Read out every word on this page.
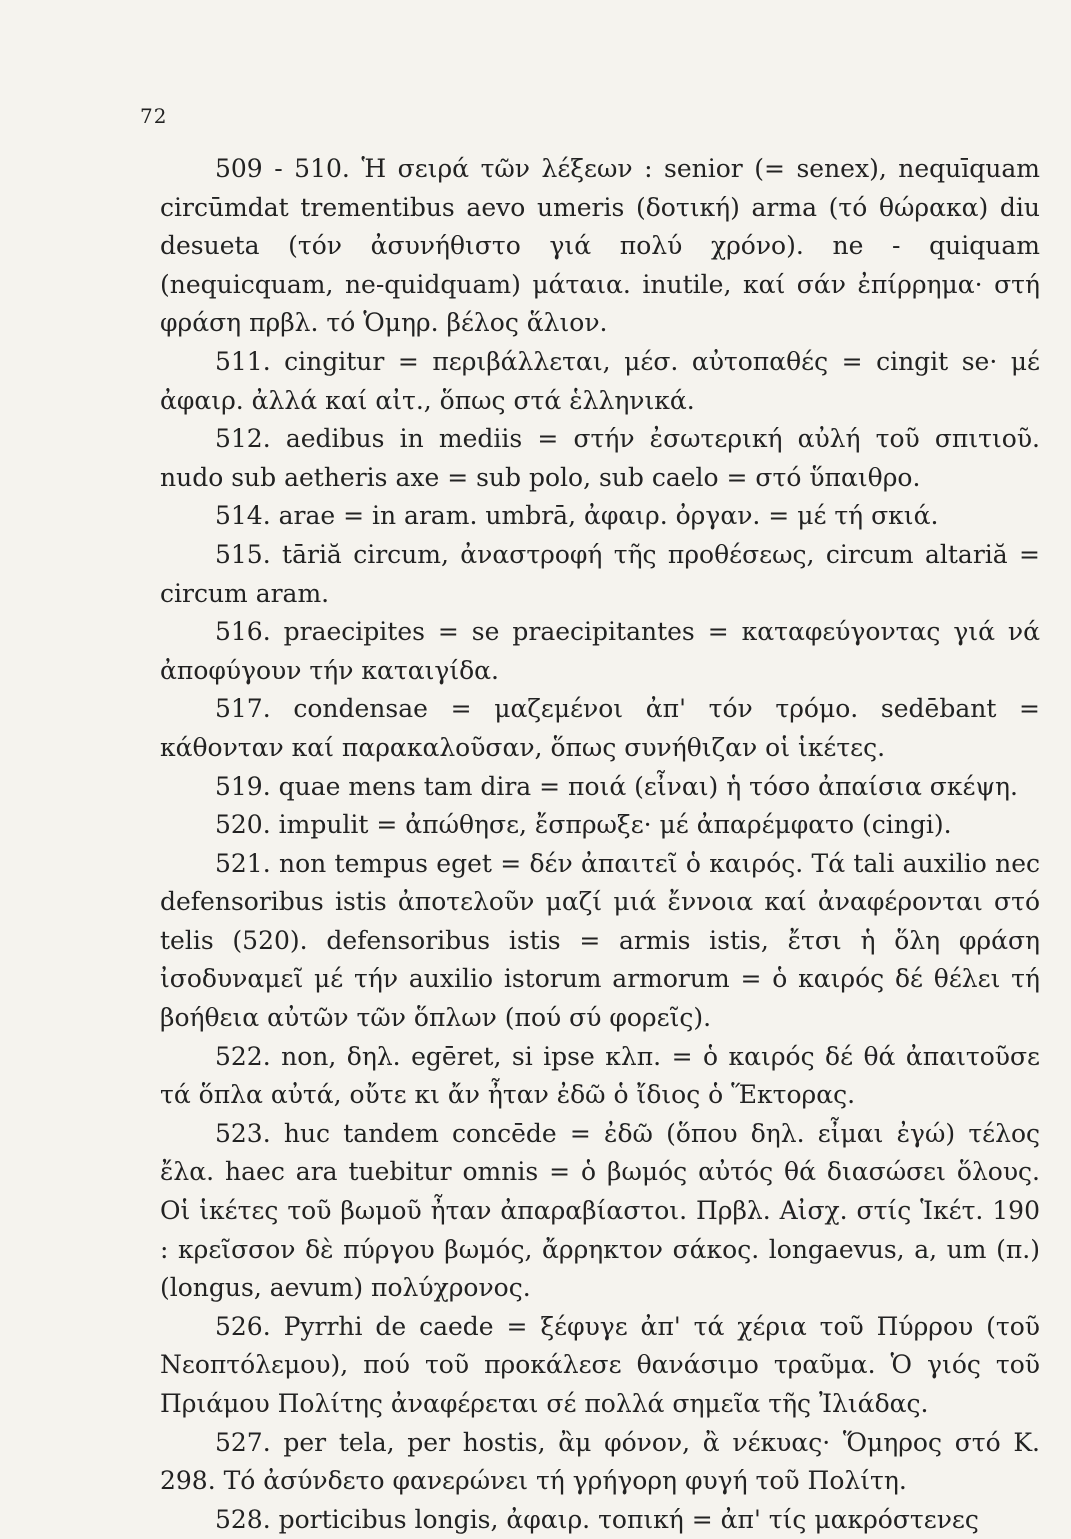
72

509 - 510. Ἡ σειρά τῶν λέξεων : senior (= senex), nequīquam circūmdat trementibus aevo umeris (δοτική) arma (τό θώρακα) diu desueta (τόν ἀσυνήθιστο γιά πολύ χρόνο). ne - quiquam (nequicquam, ne-quidquam) μάταια. inutile, καί σάν ἐπίρρημα· στή φράση πρβλ. τό Ὁμηρ. βέλος ἅλιον.

511. cingitur = περιβάλλεται, μέσ. αὐτοπαθές = cingit se· μέ ἀφαιρ. ἀλλά καί αἰτ., ὅπως στά ἑλληνικά.

512. aedibus in mediis = στήν ἐσωτερική αὐλή τοῦ σπιτιοῦ. nudo sub aetheris axe = sub polo, sub caelo = στό ὕπαιθρο.

514. arae = in aram. umbrā, ἀφαιρ. ὀργαν. = μέ τή σκιά.

515. tāriă circum, ἀναστροφή τῆς προθέσεως, circum altariă = circum aram.

516. praecipites = se praecipitantes = καταφεύγοντας γιά νά ἀποφύγουν τήν καταιγίδα.

517. condensae = μαζεμένοι ἀπ' τόν τρόμο. sedēbant = κάθονταν καί παρακαλοῦσαν, ὅπως συνήθιζαν οἱ ἱκέτες.

519. quae mens tam dira = ποιά (εἶναι) ἡ τόσο ἀπαίσια σκέψη.

520. impulit = ἀπώθησε, ἔσπρωξε· μέ ἀπαρέμφατο (cingi).

521. non tempus eget = δέν ἀπαιτεῖ ὁ καιρός. Τά tali auxilio nec defensoribus istis ἀποτελοῦν μαζί μιά ἔννοια καί ἀναφέρονται στό telis (520). defensoribus istis = armis istis, ἔτσι ἡ ὅλη φράση ἰσοδυναμεῖ μέ τήν auxilio istorum armorum = ὁ καιρός δέ θέλει τή βοήθεια αὐτῶν τῶν ὅπλων (πού σύ φορεῖς).

522. non, δηλ. egēret, si ipse κλπ. = ὁ καιρός δέ θά ἀπαιτοῦσε τά ὅπλα αὐτά, οὔτε κι ἄν ἦταν ἐδῶ ὁ ἴδιος ὁ Ἕκτορας.

523. huc tandem concēde = ἐδῶ (ὅπου δηλ. εἶμαι ἐγώ) τέλος ἔλα. haec ara tuebitur omnis = ὁ βωμός αὐτός θά διασώσει ὅλους. Οἱ ἱκέτες τοῦ βωμοῦ ἦταν ἀπαραβίαστοι. Πρβλ. Αἰσχ. στίς Ἱκέτ. 190 : κρεῖσσον δὲ πύργου βωμός, ἄρρηκτον σάκος. longaevus, a, um (π.) (longus, aevum) πολύχρονος.

526. Pyrrhi de caede = ξέφυγε ἀπ' τά χέρια τοῦ Πύρρου (τοῦ Νεοπτόλεμου), πού τοῦ προκάλεσε θανάσιμο τραῦμα. Ὁ γιός τοῦ Πριάμου Πολίτης ἀναφέρεται σέ πολλά σημεῖα τῆς Ἰλιάδας.

527. per tela, per hostis, ἂμ φόνον, ἂ νέκυας· Ὅμηρος στό Κ. 298. Τό ἀσύνδετο φανερώνει τή γρήγορη φυγή τοῦ Πολίτη.

528. porticibus longis, ἀφαιρ. τοπική = ἀπ' τίς μακρόστενες
